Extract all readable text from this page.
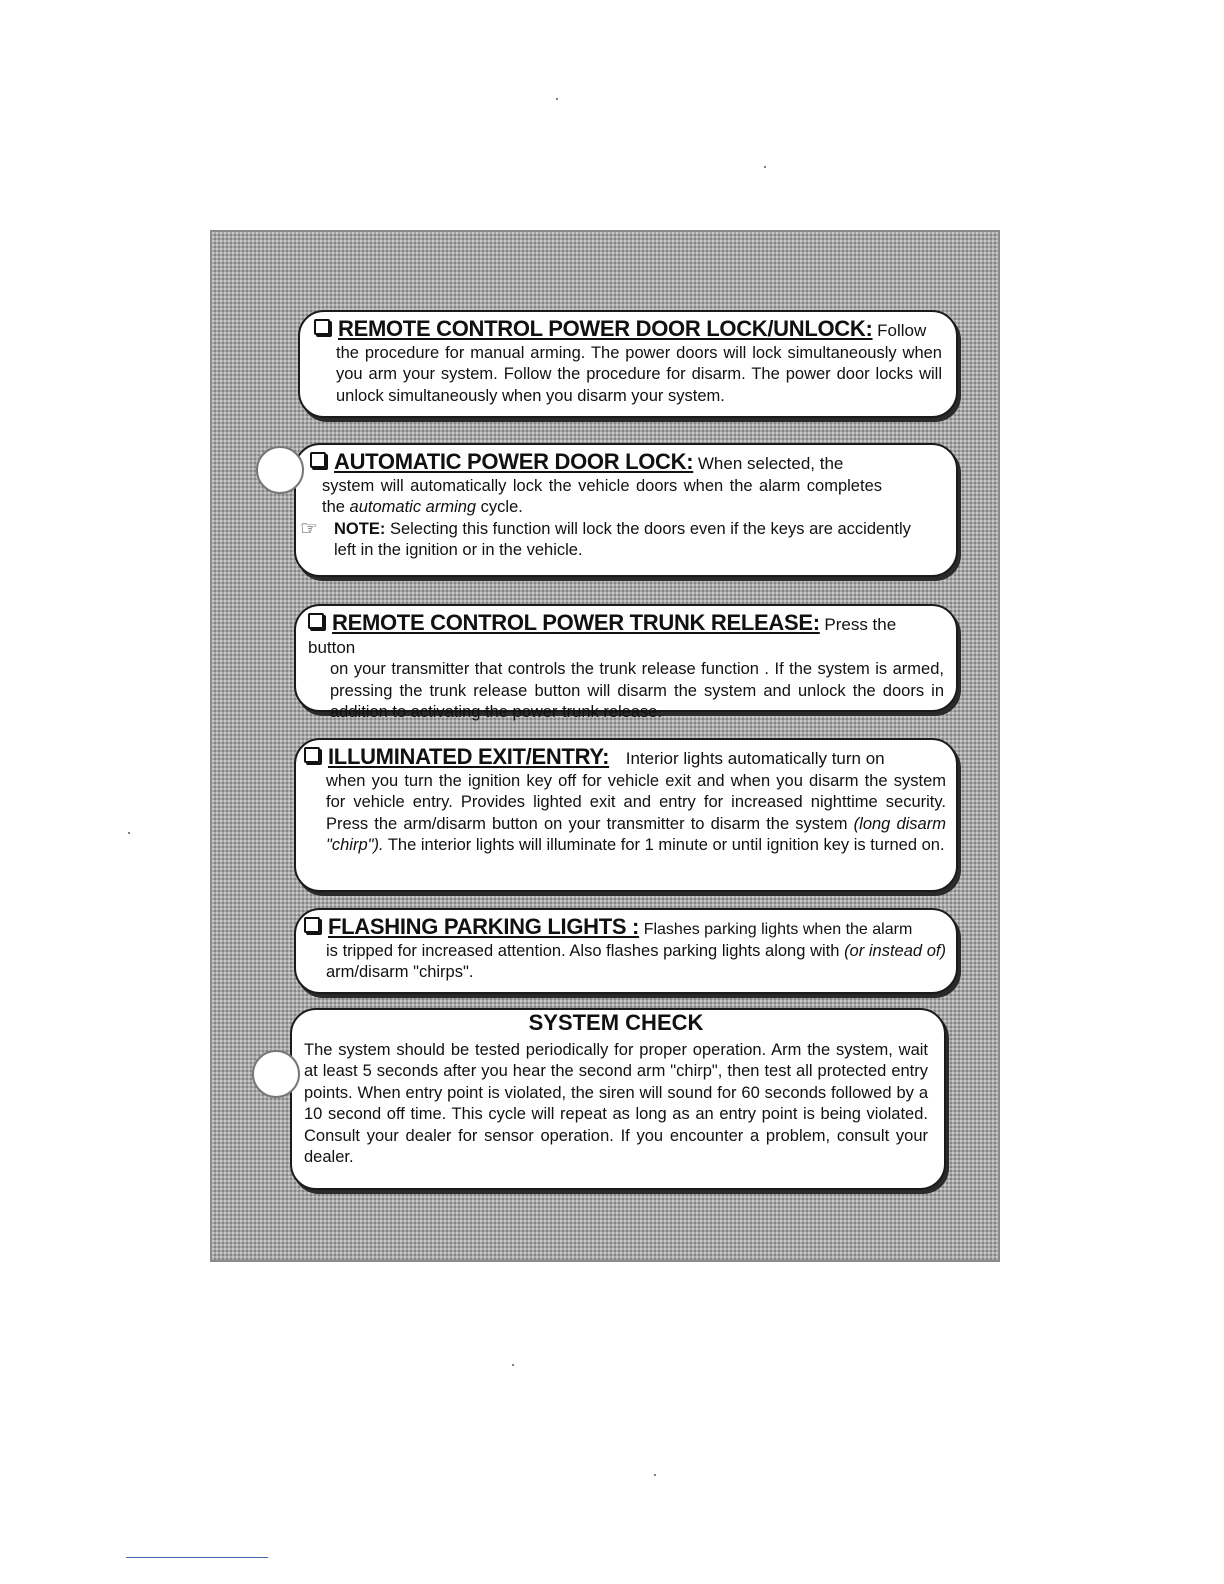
REMOTE CONTROL POWER DOOR LOCK/UNLOCK: Follow
the procedure for manual arming. The power doors will lock simultaneously when you arm your system. Follow the procedure for disarm. The power door locks will unlock simultaneously when you disarm your system.
AUTOMATIC POWER DOOR LOCK: When selected, the
system will automatically lock the vehicle doors when the alarm completes the automatic arming cycle.
☞ NOTE: Selecting this function will lock the doors even if the keys are accidently left in the ignition or in the vehicle.
REMOTE CONTROL POWER TRUNK RELEASE: Press the button
on your transmitter that controls the trunk release function . If the system is armed, pressing the trunk release button will disarm the system and unlock the doors in addition to activating the power trunk release.
ILLUMINATED EXIT/ENTRY: Interior lights automatically turn on
when you turn the ignition key off for vehicle exit and when you disarm the system for vehicle entry. Provides lighted exit and entry for increased nighttime security. Press the arm/disarm button on your transmitter to disarm the system (long disarm "chirp"). The interior lights will illuminate for 1 minute or until ignition key is turned on.
FLASHING PARKING LIGHTS : Flashes parking lights when the alarm
is tripped for increased attention. Also flashes parking lights along with (or instead of) arm/disarm "chirps".
SYSTEM CHECK
The system should be tested periodically for proper operation. Arm the system, wait at least 5 seconds after you hear the second arm "chirp", then test all protected entry points. When entry point is violated, the siren will sound for 60 seconds followed by a 10 second off time. This cycle will repeat as long as an entry point is being violated. Consult your dealer for sensor operation. If you encounter a problem, consult your dealer.
